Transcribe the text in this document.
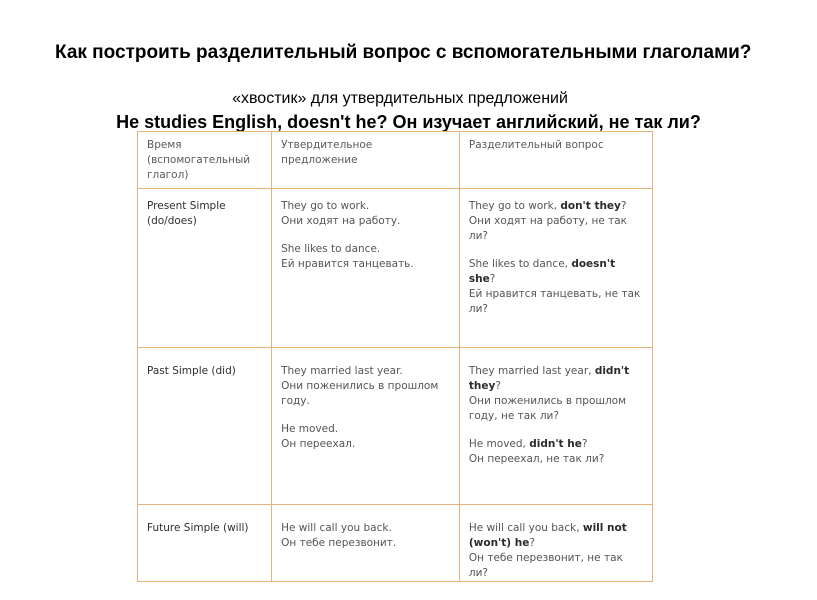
Как построить разделительный вопрос с вспомогательными глаголами?
«хвостик» для утвердительных предложений
He studies English, doesn't he? Он изучает английский, не так ли?
Время (вспомогательный глагол)	Утвердительное предложение	Разделительный вопрос
Present Simple (do/does)	They go to work.
Они ходят на работу.
She likes to dance.
Ей нравится танцевать.	They go to work, don't they?
Они ходят на работу, не так ли?
She likes to dance, doesn't she?
Ей нравится танцевать, не так ли?

Past Simple (did)	They married last year.
Они поженились в прошлом году.
He moved.
Он переехал.	They married last year, didn't they?
Они поженились в прошлом году, не так ли?
He moved, didn't he?
Он переехал, не так ли?

Future Simple (will)	He will call you back.
Он тебе перезвонит.	He will call you back, will not (won't) he?
Он тебе перезвонит, не так ли?
